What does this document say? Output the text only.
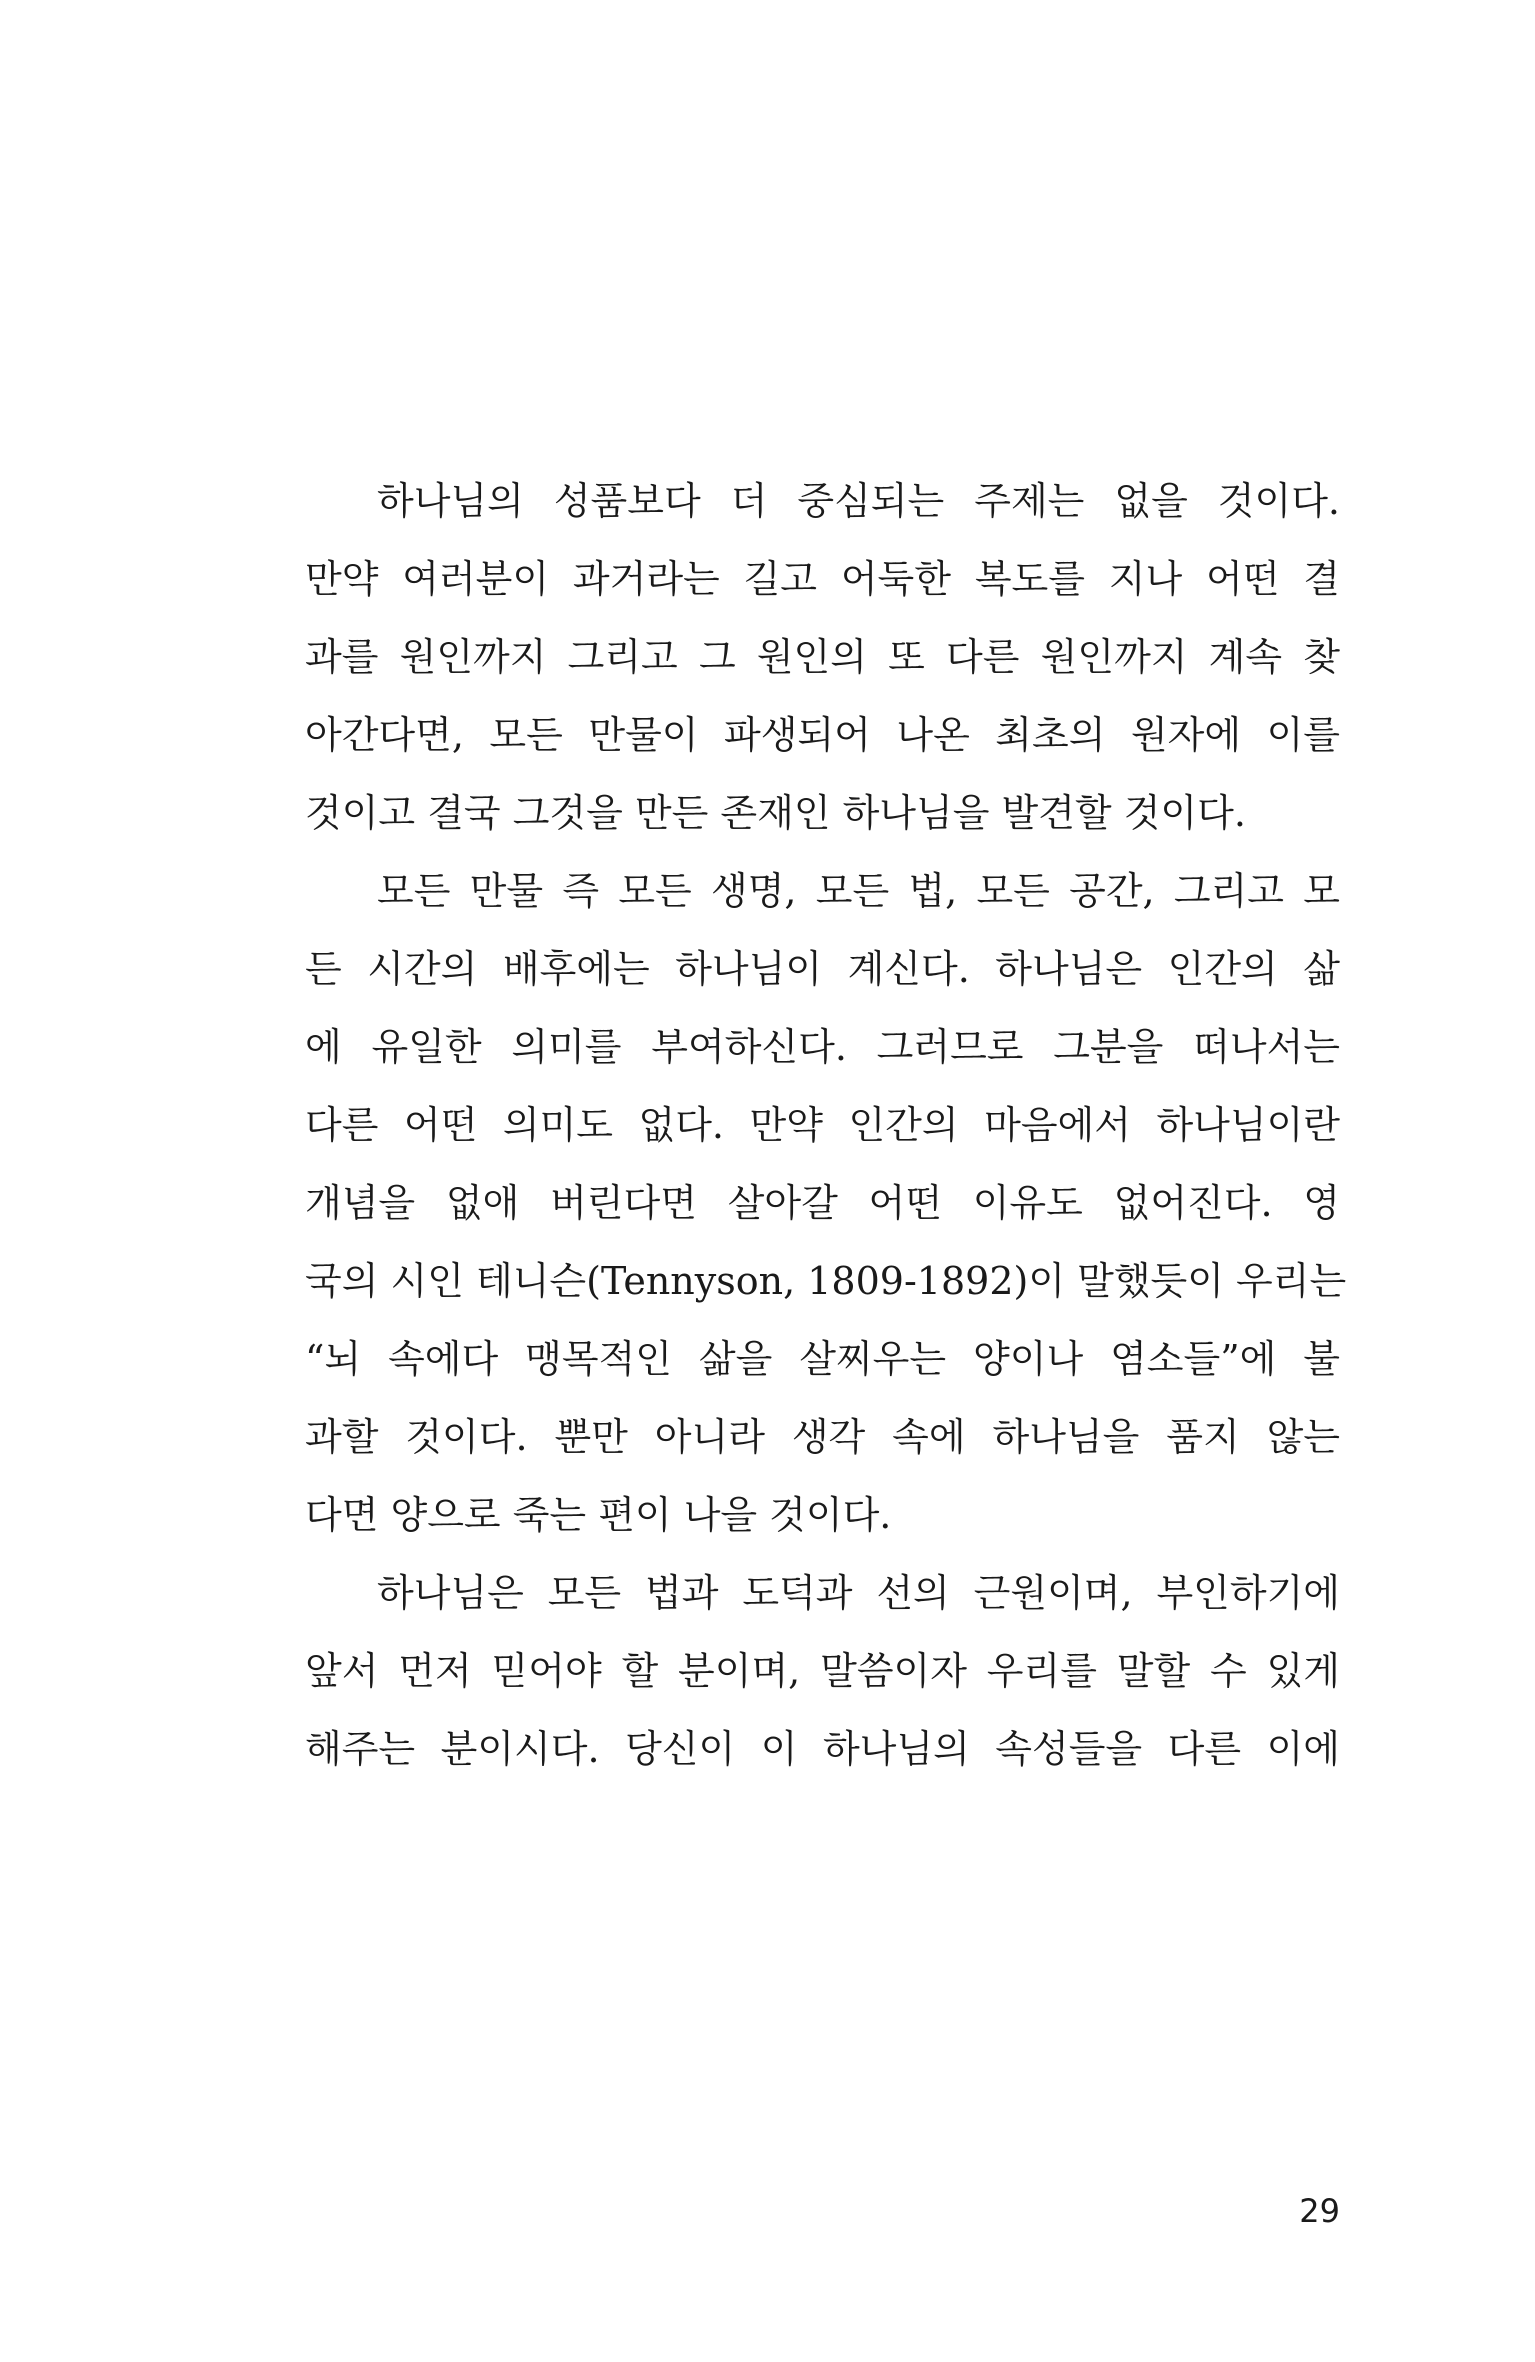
하나님의 성품보다 더 중심되는 주제는 없을 것이다.
만약 여러분이 과거라는 길고 어둑한 복도를 지나 어떤 결
과를 원인까지 그리고 그 원인의 또 다른 원인까지 계속 찾
아간다면, 모든 만물이 파생되어 나온 최초의 원자에 이를
것이고 결국 그것을 만든 존재인 하나님을 발견할 것이다.
모든 만물 즉 모든 생명, 모든 법, 모든 공간, 그리고 모
든 시간의 배후에는 하나님이 계신다. 하나님은 인간의 삶
에 유일한 의미를 부여하신다. 그러므로 그분을 떠나서는
다른 어떤 의미도 없다. 만약 인간의 마음에서 하나님이란
개념을 없애 버린다면 살아갈 어떤 이유도 없어진다. 영
국의 시인 테니슨(Tennyson, 1809-1892)이 말했듯이 우리는
“뇌 속에다 맹목적인 삶을 살찌우는 양이나 염소들”에 불
과할 것이다. 뿐만 아니라 생각 속에 하나님을 품지 않는
다면 양으로 죽는 편이 나을 것이다.
하나님은 모든 법과 도덕과 선의 근원이며, 부인하기에
앞서 먼저 믿어야 할 분이며, 말씀이자 우리를 말할 수 있게
해주는 분이시다. 당신이 이 하나님의 속성들을 다른 이에
29
